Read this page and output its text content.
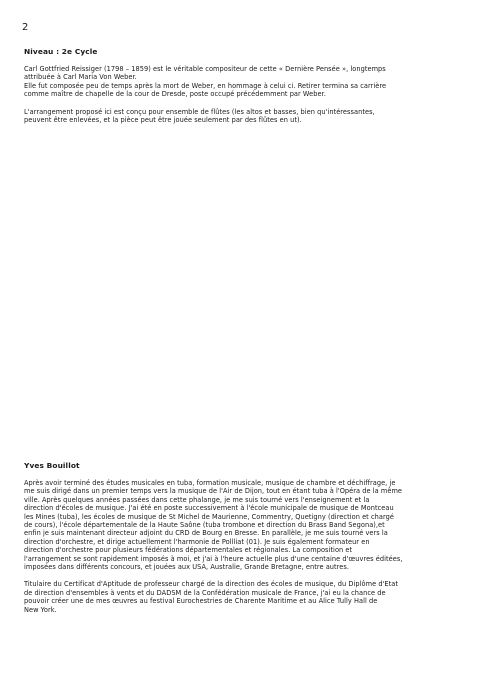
2
Niveau : 2e Cycle
Carl Gottfried Reissiger (1798 – 1859) est le véritable compositeur de cette « Dernière Pensée », longtemps
attribuée à Carl Maria Von Weber.
Elle fut composée peu de temps après la mort de Weber, en hommage à celui ci. Retirer termina sa carrière
comme maître de chapelle de la cour de Dresde, poste occupé précédemment par Weber.
L'arrangement proposé ici est conçu pour ensemble de flûtes (les altos et basses, bien qu'intéressantes,
peuvent être enlevées, et la pièce peut être jouée seulement par des flûtes en ut).
Yves Bouillot
Après avoir terminé des études musicales en tuba, formation musicale, musique de chambre et déchiffrage, je
me suis dirigé dans un premier temps vers la musique de l'Air de Dijon, tout en étant tuba à l'Opéra de la même
ville. Après quelques années passées dans cette phalange, je me suis tourné vers l'enseignement et la
direction d'écoles de musique. J'ai été en poste successivement à l'école municipale de musique de Montceau
les Mines (tuba), les écoles de musique de St Michel de Maurienne, Commentry, Quetigny (direction et chargé
de cours), l'école départementale de la Haute Saône (tuba trombone et direction du Brass Band Segona),et
enfin je suis maintenant directeur adjoint du CRD de Bourg en Bresse. En parallèle, je me suis tourné vers la
direction d'orchestre, et dirige actuellement l'harmonie de Pollliat (01). Je suis également formateur en
direction d'orchestre pour plusieurs fédérations départementales et régionales. La composition et
l'arrangement se sont rapidement imposés à moi, et j'ai à l'heure actuelle plus d'une centaine d'œuvres éditées,
imposées dans différents concours, et jouées aux USA, Australie, Grande Bretagne, entre autres.
Titulaire du Certificat d'Aptitude de professeur chargé de la direction des écoles de musique, du Diplôme d'Etat
de direction d'ensembles à vents et du DADSM de la Confédération musicale de France, j'ai eu la chance de
pouvoir créer une de mes œuvres au festival Eurochestries de Charente Maritime et au Alice Tully Hall de
New York.
